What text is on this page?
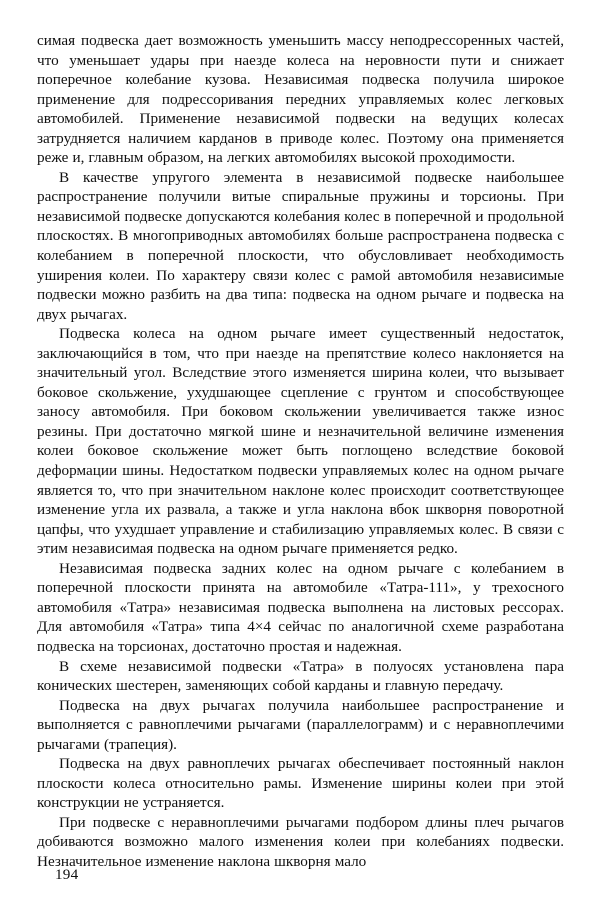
симая подвеска дает возможность уменьшить массу неподрессоренных частей, что уменьшает удары при наезде колеса на неровности пути и снижает поперечное колебание кузова. Независимая подвеска получила широкое применение для подрессоривания передних управляемых колес легковых автомобилей. Применение независимой подвески на ведущих колесах затрудняется наличием карданов в приводе колес. Поэтому она применяется реже и, главным образом, на легких автомобилях высокой проходимости.

В качестве упругого элемента в независимой подвеске наибольшее распространение получили витые спиральные пружины и торсионы. При независимой подвеске допускаются колебания колес в поперечной и продольной плоскостях. В многоприводных автомобилях больше распространена подвеска с колебанием в поперечной плоскости, что обусловливает необходимость уширения колеи. По характеру связи колес с рамой автомобиля независимые подвески можно разбить на два типа: подвеска на одном рычаге и подвеска на двух рычагах.

Подвеска колеса на одном рычаге имеет существенный недостаток, заключающийся в том, что при наезде на препятствие колесо наклоняется на значительный угол. Вследствие этого изменяется ширина колеи, что вызывает боковое скольжение, ухудшающее сцепление с грунтом и способствующее заносу автомобиля. При боковом скольжении увеличивается также износ резины. При достаточно мягкой шине и незначительной величине изменения колеи боковое скольжение может быть поглощено вследствие боковой деформации шины. Недостатком подвески управляемых колес на одном рычаге является то, что при значительном наклоне колес происходит соответствующее изменение угла их развала, а также и угла наклона вбок шкворня поворотной цапфы, что ухудшает управление и стабилизацию управляемых колес. В связи с этим независимая подвеска на одном рычаге применяется редко.

Независимая подвеска задних колес на одном рычаге с колебанием в поперечной плоскости принята на автомобиле «Татра-111», у трехосного автомобиля «Татра» независимая подвеска выполнена на листовых рессорах. Для автомобиля «Татра» типа 4×4 сейчас по аналогичной схеме разработана подвеска на торсионах, достаточно простая и надежная.

В схеме независимой подвески «Татра» в полуосях установлена пара конических шестерен, заменяющих собой карданы и главную передачу.

Подвеска на двух рычагах получила наибольшее распространение и выполняется с равноплечими рычагами (параллелограмм) и с неравноплечими рычагами (трапеция).

Подвеска на двух равноплечих рычагах обеспечивает постоянный наклон плоскости колеса относительно рамы. Изменение ширины колеи при этой конструкции не устраняется.

При подвеске с неравноплечими рычагами подбором длины плеч рычагов добиваются возможно малого изменения колеи при колебаниях подвески. Незначительное изменение наклона шкворня мало

194
